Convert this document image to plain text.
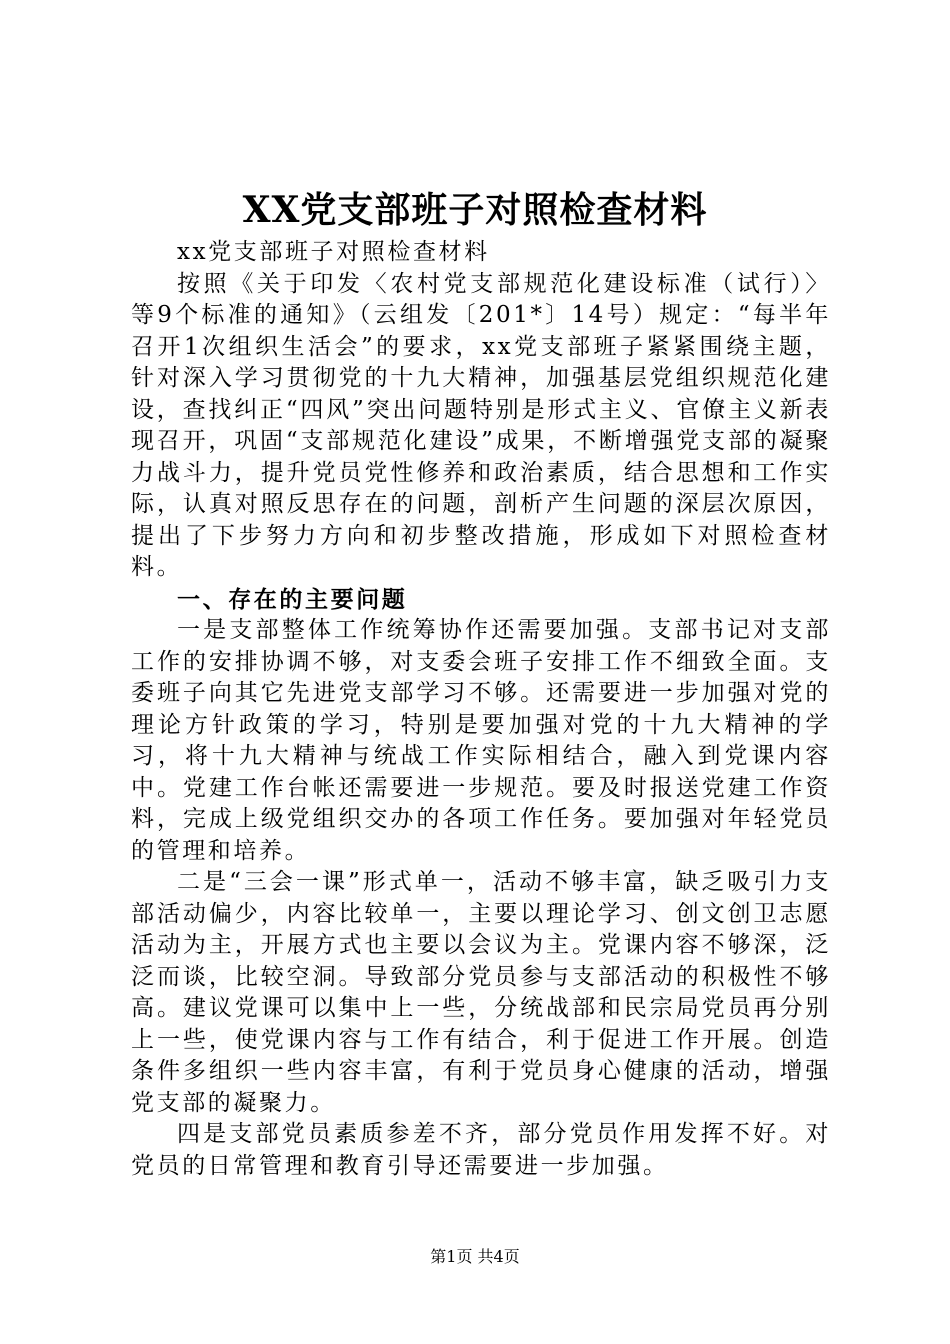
XX党支部班子对照检查材料

xx党支部班子对照检查材料

按照《关于印发〈农村党支部规范化建设标准（试行）〉等9个标准的通知》（云组发〔201*〕14号）规定：“每半年召开1次组织生活会”的要求，xx党支部班子紧紧围绕主题，针对深入学习贯彻党的十九大精神，加强基层党组织规范化建设，查找纠正“四风”突出问题特别是形式主义、官僚主义新表现召开，巩固“支部规范化建设”成果，不断增强党支部的凝聚力战斗力，提升党员党性修养和政治素质，结合思想和工作实际，认真对照反思存在的问题，剖析产生问题的深层次原因，提出了下步努力方向和初步整改措施，形成如下对照检查材料。

一、存在的主要问题

一是支部整体工作统筹协作还需要加强。支部书记对支部工作的安排协调不够，对支委会班子安排工作不细致全面。支委班子向其它先进党支部学习不够。还需要进一步加强对党的理论方针政策的学习，特别是要加强对党的十九大精神的学习，将十九大精神与统战工作实际相结合，融入到党课内容中。党建工作台帐还需要进一步规范。要及时报送党建工作资料，完成上级党组织交办的各项工作任务。要加强对年轻党员的管理和培养。

二是“三会一课”形式单一，活动不够丰富，缺乏吸引力支部活动偏少，内容比较单一，主要以理论学习、创文创卫志愿活动为主，开展方式也主要以会议为主。党课内容不够深，泛泛而谈，比较空洞。导致部分党员参与支部活动的积极性不够高。建议党课可以集中上一些，分统战部和民宗局党员再分别上一些，使党课内容与工作有结合，利于促进工作开展。创造条件多组织一些内容丰富，有利于党员身心健康的活动，增强党支部的凝聚力。

四是支部党员素质参差不齐，部分党员作用发挥不好。对党员的日常管理和教育引导还需要进一步加强。

第1页 共4页
